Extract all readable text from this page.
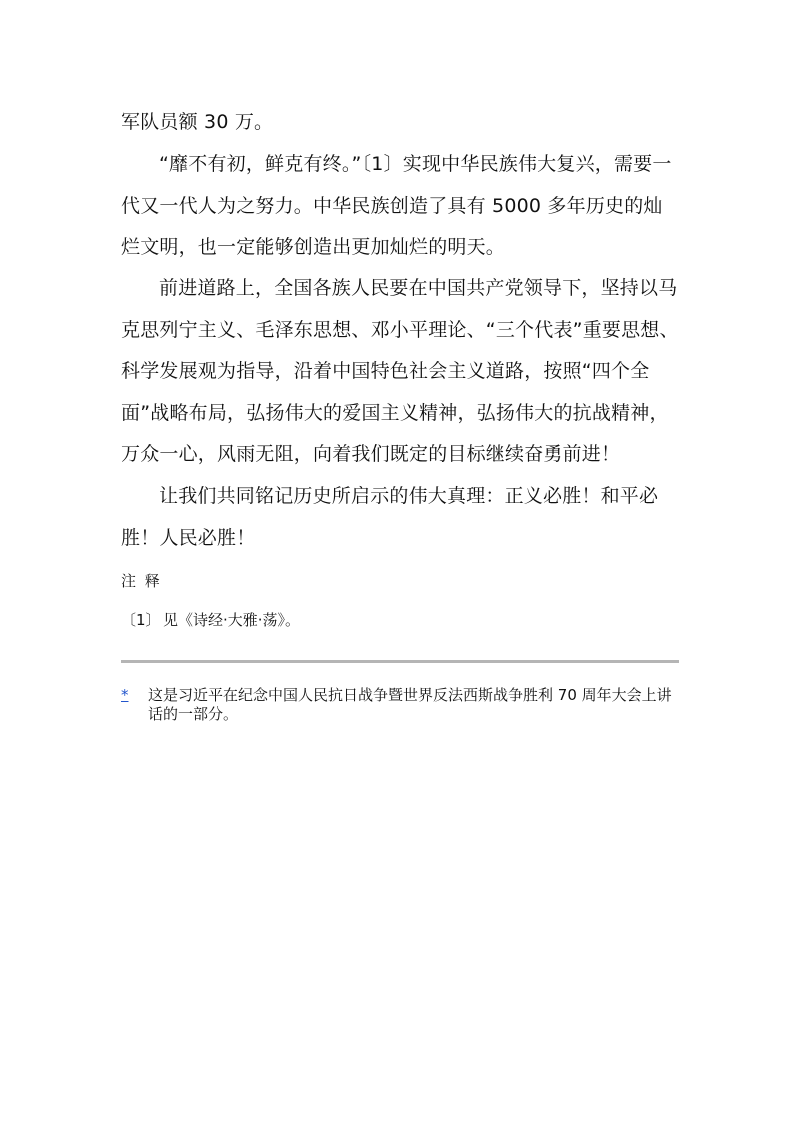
军队员额 30 万。

“靡不有初，鲜克有终。”〔1〕实现中华民族伟大复兴，需要一代又一代人为之努力。中华民族创造了具有 5000 多年历史的灿烂文明，也一定能够创造出更加灿烂的明天。

前进道路上，全国各族人民要在中国共产党领导下，坚持以马克思列宁主义、毛泽东思想、邓小平理论、“三个代表”重要思想、科学发展观为指导，沿着中国特色社会主义道路，按照“四个全面”战略布局，弘扬伟大的爱国主义精神，弘扬伟大的抗战精神，万众一心，风雨无阻，向着我们既定的目标继续奋勇前进！

让我们共同铭记历史所启示的伟大真理：正义必胜！和平必胜！人民必胜！

注 释

〔1〕 见《诗经·大雅·荡》。

* 这是习近平在纪念中国人民抗日战争暨世界反法西斯战争胜利 70 周年大会上讲话的一部分。
